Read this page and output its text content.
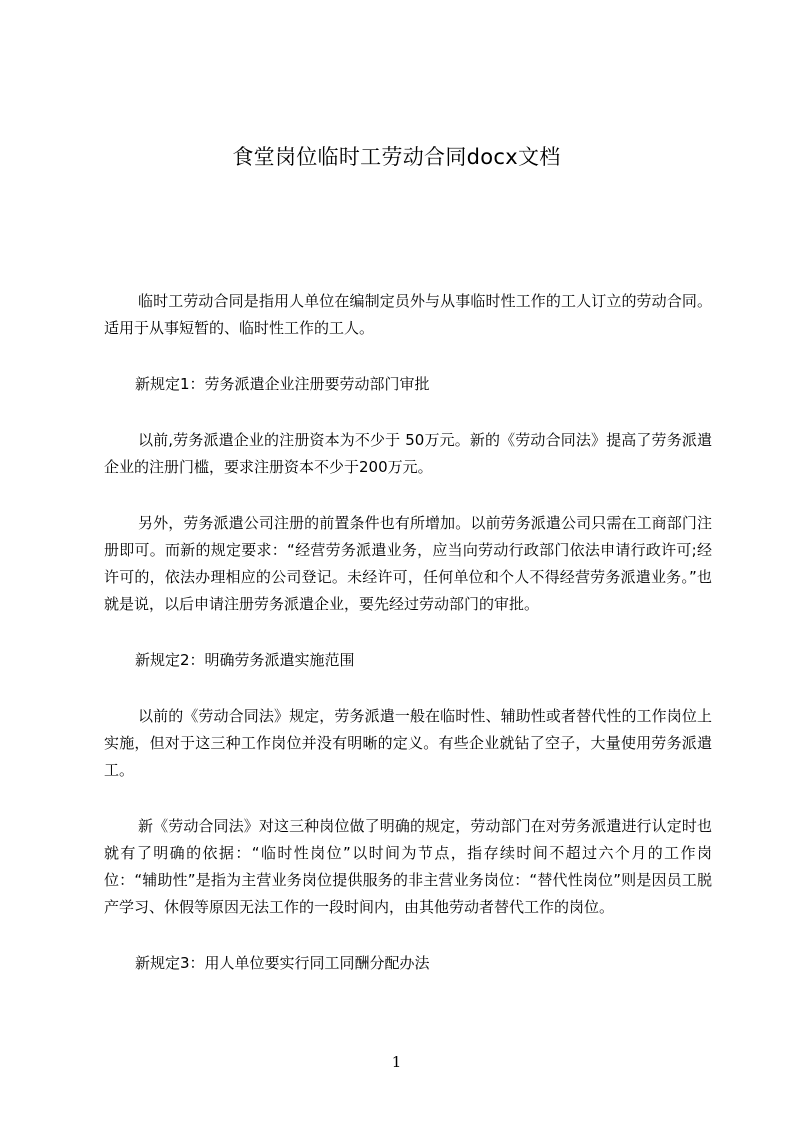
食堂岗位临时工劳动合同docx文档

临时工劳动合同是指用人单位在编制定员外与从事临时性工作的工人订立的劳动合同。适用于从事短暂的、临时性工作的工人。

新规定1：劳务派遣企业注册要劳动部门审批

以前,劳务派遣企业的注册资本为不少于 50万元。新的《劳动合同法》提高了劳务派遣企业的注册门槛，要求注册资本不少于200万元。

另外，劳务派遣公司注册的前置条件也有所增加。以前劳务派遣公司只需在工商部门注册即可。而新的规定要求：“经营劳务派遣业务，应当向劳动行政部门依法申请行政许可;经许可的，依法办理相应的公司登记。未经许可，任何单位和个人不得经营劳务派遣业务。”也就是说，以后申请注册劳务派遣企业，要先经过劳动部门的审批。

新规定2：明确劳务派遣实施范围

以前的《劳动合同法》规定，劳务派遣一般在临时性、辅助性或者替代性的工作岗位上实施，但对于这三种工作岗位并没有明晰的定义。有些企业就钻了空子，大量使用劳务派遣工。

新《劳动合同法》对这三种岗位做了明确的规定，劳动部门在对劳务派遣进行认定时也就有了明确的依据：“临时性岗位”以时间为节点，指存续时间不超过六个月的工作岗位：“辅助性”是指为主营业务岗位提供服务的非主营业务岗位：“替代性岗位”则是因员工脱产学习、休假等原因无法工作的一段时间内，由其他劳动者替代工作的岗位。

新规定3：用人单位要实行同工同酬分配办法

1
